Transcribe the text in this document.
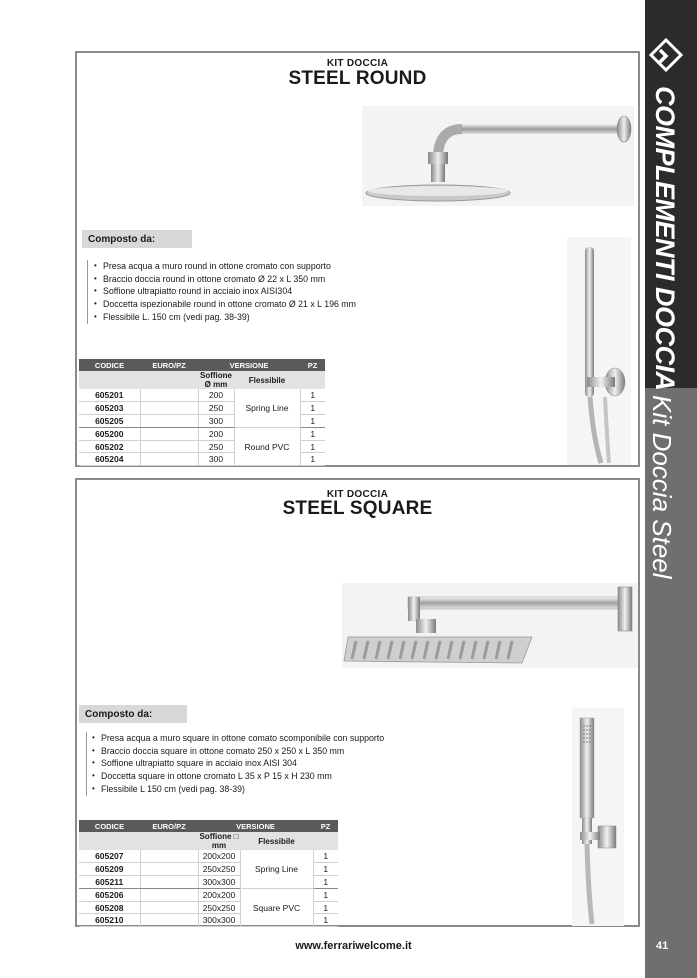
COMPLEMENTI DOCCIA
Kit Doccia Steel
KIT DOCCIA
STEEL ROUND
Composto da:
• Presa acqua a muro round in ottone cromato con supporto
• Braccio doccia round in ottone cromato Ø 22 x L 350 mm
• Soffione ultrapiatto round in acciaio inox AISI304
• Doccetta ispezionabile round in ottone cromato Ø 21 x L 196 mm
• Flessibile L. 150 cm (vedi pag. 38-39)
CODICE	EURO/PZ	VERSIONE		PZ
		Soffione Ø mm	Flessibile	
605201		200	Spring Line	1
605203		250		1
605205		300		1
605200		200	Round PVC	1
605202		250		1
605204		300		1
KIT DOCCIA
STEEL SQUARE
Composto da:
• Presa acqua a muro square in ottone comato scomponibile con supporto
• Braccio doccia square in ottone comato 250 x 250 x L 350 mm
• Soffione ultrapiatto square in acciaio inox AISI 304
• Doccetta square in ottone cromato L 35 x P 15 x H 230 mm
• Flessibile L 150 cm (vedi pag. 38-39)
CODICE	EURO/PZ	VERSIONE		PZ
		Soffione □ mm	Flessibile	
605207		200x200	Spring Line	1
605209		250x250		1
605211		300x300		1
605206		200x200	Square PVC	1
605208		250x250		1
605210		300x300		1
www.ferrariwelcome.it	41
